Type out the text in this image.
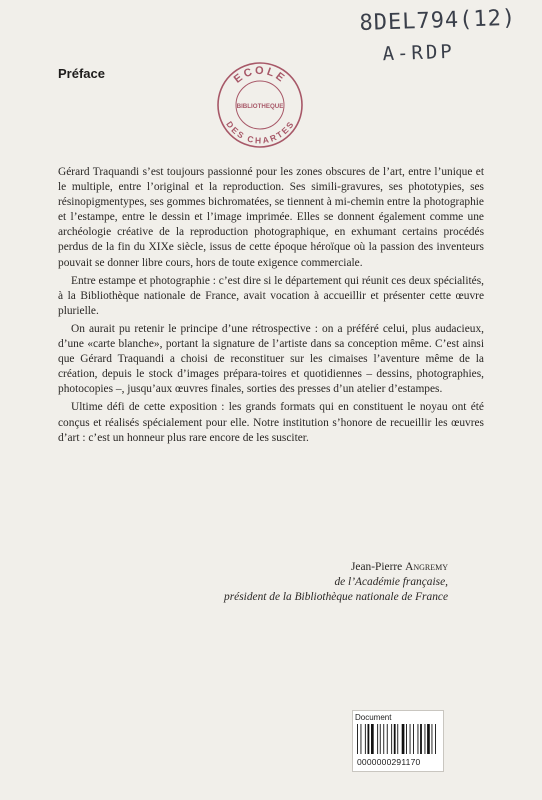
8DEL794(12)
A-RDP
Préface	ECOLE
BIBLIOTHEQUE
DES CHARTES

Gérard Traquandi s’est toujours passionné pour les zones obscures de l’art, entre l’unique et le multiple, entre l’original et la reproduction. Ses simili-gravures, ses phototypies, ses résinopigmentypes, ses gommes bichromatées, se tiennent à mi-chemin entre la photographie et l’estampe, entre le dessin et l’image imprimée. Elles se donnent également comme une archéologie créative de la reproduction photographique, en exhumant certains procédés perdus de la fin du XIXe siècle, issus de cette époque héroïque où la passion des inventeurs pouvait se donner libre cours, hors de toute exigence commerciale.

Entre estampe et photographie : c’est dire si le département qui réunit ces deux spécialités, à la Bibliothèque nationale de France, avait vocation à accueillir et présenter cette œuvre plurielle.

On aurait pu retenir le principe d’une rétrospective : on a préféré celui, plus audacieux, d’une «carte blanche», portant la signature de l’artiste dans sa conception même. C’est ainsi que Gérard Traquandi a choisi de reconstituer sur les cimaises l’aventure même de la création, depuis le stock d’images prépara-toires et quotidiennes – dessins, photographies, photocopies –, jusqu’aux œuvres finales, sorties des presses d’un atelier d’estampes.

Ultime défi de cette exposition : les grands formats qui en constituent le noyau ont été conçus et réalisés spécialement pour elle. Notre institution s’honore de recueillir les œuvres d’art : c’est un honneur plus rare encore de les susciter.

Jean-Pierre Angremy
de l’Académie française,
président de la Bibliothèque nationale de France
Document
0000000291170
